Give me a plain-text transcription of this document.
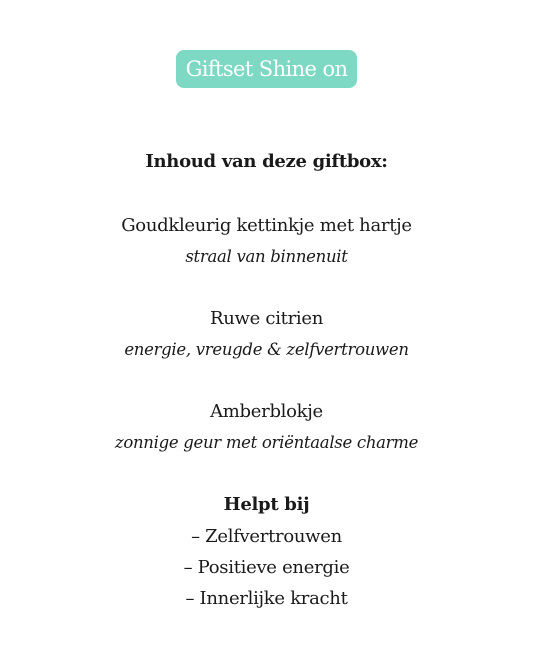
Giftset Shine on
Inhoud van deze giftbox:
Goudkleurig kettinkje met hartje
straal van binnenuit
Ruwe citrien
energie, vreugde & zelfvertrouwen
Amberblokje
zonnige geur met oriëntaalse charme
Helpt bij
– Zelfvertrouwen
– Positieve energie
– Innerlijke kracht
